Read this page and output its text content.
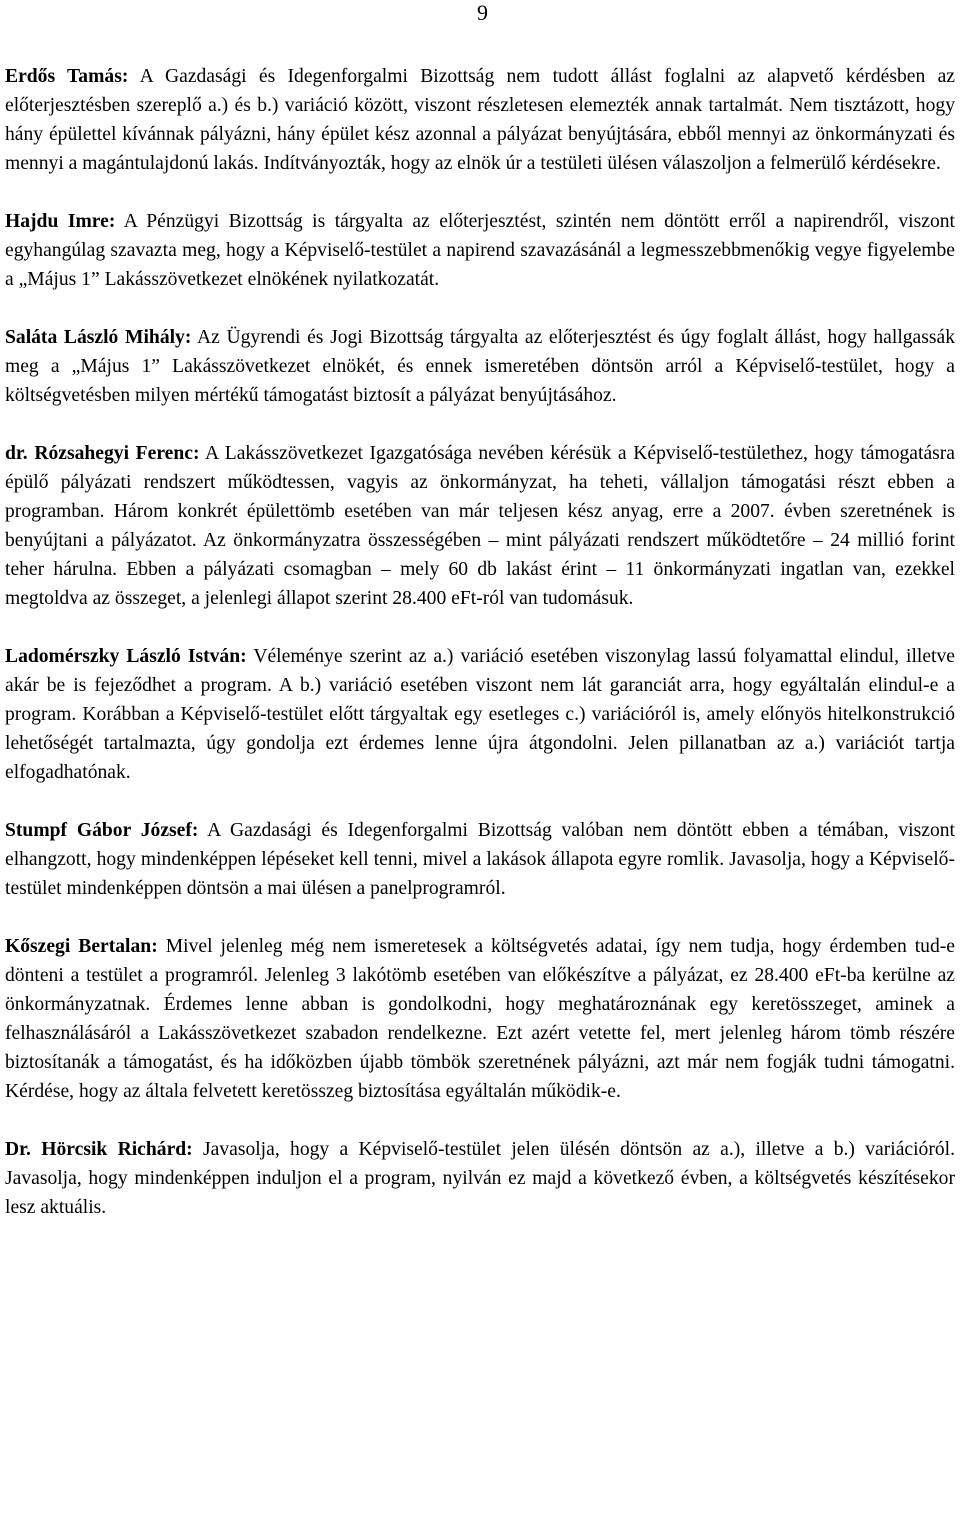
9

Erdős Tamás: A Gazdasági és Idegenforgalmi Bizottság nem tudott állást foglalni az alapvető kérdésben az előterjesztésben szereplő a.) és b.) variáció között, viszont részletesen elemezték annak tartalmát. Nem tisztázott, hogy hány épülettel kívánnak pályázni, hány épület kész azonnal a pályázat benyújtására, ebből mennyi az önkormányzati és mennyi a magántulajdonú lakás. Indítványozták, hogy az elnök úr a testületi ülésen válaszoljon a felmerülő kérdésekre.

Hajdu Imre: A Pénzügyi Bizottság is tárgyalta az előterjesztést, szintén nem döntött erről a napirendről, viszont egyhangúlag szavazta meg, hogy a Képviselő-testület a napirend szavazásánál a legmesszebbmenőkig vegye figyelembe a „Május 1” Lakásszövetkezet elnökének nyilatkozatát.

Saláta László Mihály: Az Ügyrendi és Jogi Bizottság tárgyalta az előterjesztést és úgy foglalt állást, hogy hallgassák meg a „Május 1” Lakásszövetkezet elnökét, és ennek ismeretében döntsön arról a Képviselő-testület, hogy a költségvetésben milyen mértékű támogatást biztosít a pályázat benyújtásához.

dr. Rózsahegyi Ferenc: A Lakásszövetkezet Igazgatósága nevében kérésük a Képviselő-testülethez, hogy támogatásra épülő pályázati rendszert működtessen, vagyis az önkormányzat, ha teheti, vállaljon támogatási részt ebben a programban. Három konkrét épülettömb esetében van már teljesen kész anyag, erre a 2007. évben szeretnének is benyújtani a pályázatot. Az önkormányzatra összességében – mint pályázati rendszert működtetőre – 24 millió forint teher hárulna. Ebben a pályázati csomagban – mely 60 db lakást érint – 11 önkormányzati ingatlan van, ezekkel megtoldva az összeget, a jelenlegi állapot szerint 28.400 eFt-ról van tudomásuk.

Ladomérszky László István: Véleménye szerint az a.) variáció esetében viszonylag lassú folyamattal elindul, illetve akár be is fejeződhet a program. A b.) variáció esetében viszont nem lát garanciát arra, hogy egyáltalán elindul-e a program. Korábban a Képviselő-testület előtt tárgyaltak egy esetleges c.) variációról is, amely előnyös hitelkonstrukció lehetőségét tartalmazta, úgy gondolja ezt érdemes lenne újra átgondolni. Jelen pillanatban az a.) variációt tartja elfogadhatónak.

Stumpf Gábor József: A Gazdasági és Idegenforgalmi Bizottság valóban nem döntött ebben a témában, viszont elhangzott, hogy mindenképpen lépéseket kell tenni, mivel a lakások állapota egyre romlik. Javasolja, hogy a Képviselő-testület mindenképpen döntsön a mai ülésen a panelprogramról.

Kőszegi Bertalan: Mivel jelenleg még nem ismeretesek a költségvetés adatai, így nem tudja, hogy érdemben tud-e dönteni a testület a programról. Jelenleg 3 lakótömb esetében van előkészítve a pályázat, ez 28.400 eFt-ba kerülne az önkormányzatnak. Érdemes lenne abban is gondolkodni, hogy meghatároznának egy keretösszeget, aminek a felhasználásáról a Lakásszövetkezet szabadon rendelkezne. Ezt azért vetette fel, mert jelenleg három tömb részére biztosítanák a támogatást, és ha időközben újabb tömbök szeretnének pályázni, azt már nem fogják tudni támogatni. Kérdése, hogy az általa felvetett keretösszeg biztosítása egyáltalán működik-e.

Dr. Hörcsik Richárd: Javasolja, hogy a Képviselő-testület jelen ülésén döntsön az a.), illetve a b.) variációról. Javasolja, hogy mindenképpen induljon el a program, nyilván ez majd a következő évben, a költségvetés készítésekor lesz aktuális.
